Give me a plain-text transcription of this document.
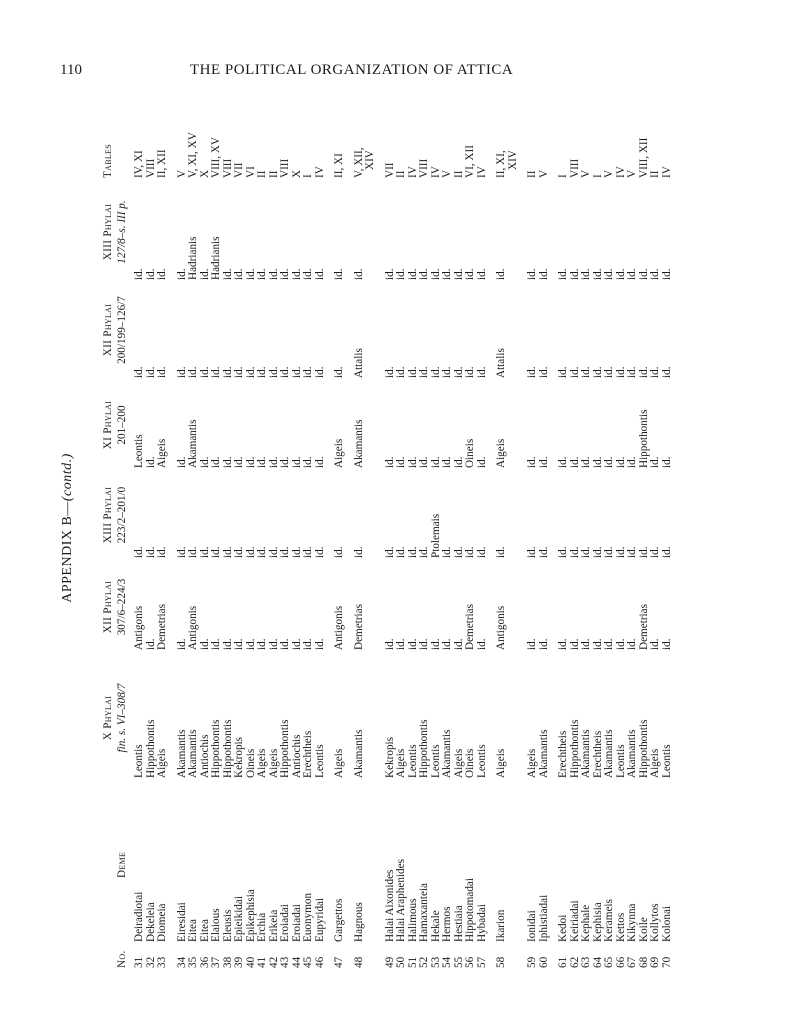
110	THE POLITICAL ORGANIZATION OF ATTICA
APPENDIX B—(contd.)
No.
Deme
X Phylai fin. s. VI–308/7
XII Phylai 307/6–224/3
XIII Phylai 223/2–201/0
XI Phylai 201–200
XII Phylai 200/199–126/7
XIII Phylai 127/8–s. III p.
Tables
31
Deiradiotai
Leontis
Antigonis
id.
Leontis
id.
id.
IV, XI
32
Dekeleia
Hippothontis
id.
id.
id.
id.
id.
VIII
33
Diomeia
Aigeis
Demetrias
id.
Aigeis
id.
id.
II, XII
34
Eiresidai
Akamantis
id.
id.
id.
id.
id.
V
35
Eitea
Akamantis
Antigonis
id.
Akamantis
id.
Hadrianis
V, XI, XV
36
Eitea
Antiochis
id.
id.
id.
id.
id.
X
37
Elaious
Hippothontis
id.
id.
id.
id.
Hadrianis
VIII, XV
38
Eleusis
Hippothontis
id.
id.
id.
id.
id.
VIII
39
Epieikidai
Kekropis
id.
id.
id.
id.
id.
VII
40
Epikephisia
Oineis
id.
id.
id.
id.
id.
VI
41
Erchia
Aigeis
id.
id.
id.
id.
id.
II
42
Erikeia
Aigeis
id.
id.
id.
id.
id.
II
43
Eroiadai
Hippothontis
id.
id.
id.
id.
id.
VIII
44
Eroiadai
Antiochis
id.
id.
id.
id.
id.
X
45
Euonymon
Erechtheis
id.
id.
id.
id.
id.
I
46
Eupyridai
Leontis
id.
id.
id.
id.
id.
IV
47
Gargettos
Aigeis
Antigonis
id.
Aigeis
id.
id.
II, XI
48
Hagnous
Akamantis
Demetrias
id.
Akamantis
Attalis
id.
V, XII, XIV
49
Halai Aixonides
Kekropis
id.
id.
id.
id.
id.
VII
50
Halai Araphenides
Aigeis
id.
id.
id.
id.
id.
II
51
Halimous
Leontis
id.
id.
id.
id.
id.
IV
52
Hamaxanteia
Hippothontis
id.
id.
id.
id.
id.
VIII
53
Hekale
Leontis
id.
Ptolemais
id.
id.
id.
IV
54
Hermos
Akamantis
id.
id.
id.
id.
id.
V
55
Hestiaia
Aigeis
id.
id.
id.
id.
id.
II
56
Hippotomadai
Oineis
Demetrias
id.
Oineis
id.
id.
VI, XII
57
Hybadai
Leontis
id.
id.
id.
id.
id.
IV
58
Ikarion
Aigeis
Antigonis
id.
Aigeis
Attalis
id.
II, XI, XIV
59
Ionidai
Aigeis
id.
id.
id.
id.
id.
II
60
Iphistiadai
Akamantis
id.
id.
id.
id.
id.
V
61
Kedoi
Erechtheis
id.
id.
id.
id.
id.
I
62
Keiriadai
Hippothontis
id.
id.
id.
id.
id.
VIII
63
Kephale
Akamantis
id.
id.
id.
id.
id.
V
64
Kephisia
Erechtheis
id.
id.
id.
id.
id.
I
65
Kerameis
Akamantis
id.
id.
id.
id.
id.
V
66
Kettos
Leontis
id.
id.
id.
id.
id.
IV
67
Kikynna
Akamantis
id.
id.
id.
id.
id.
V
68
Koile
Hippothontis
Demetrias
id.
Hippothontis
id.
id.
VIII, XII
69
Kollytos
Aigeis
id.
id.
id.
id.
id.
II
70
Kolonai
Leontis
id.
id.
id.
id.
id.
IV
